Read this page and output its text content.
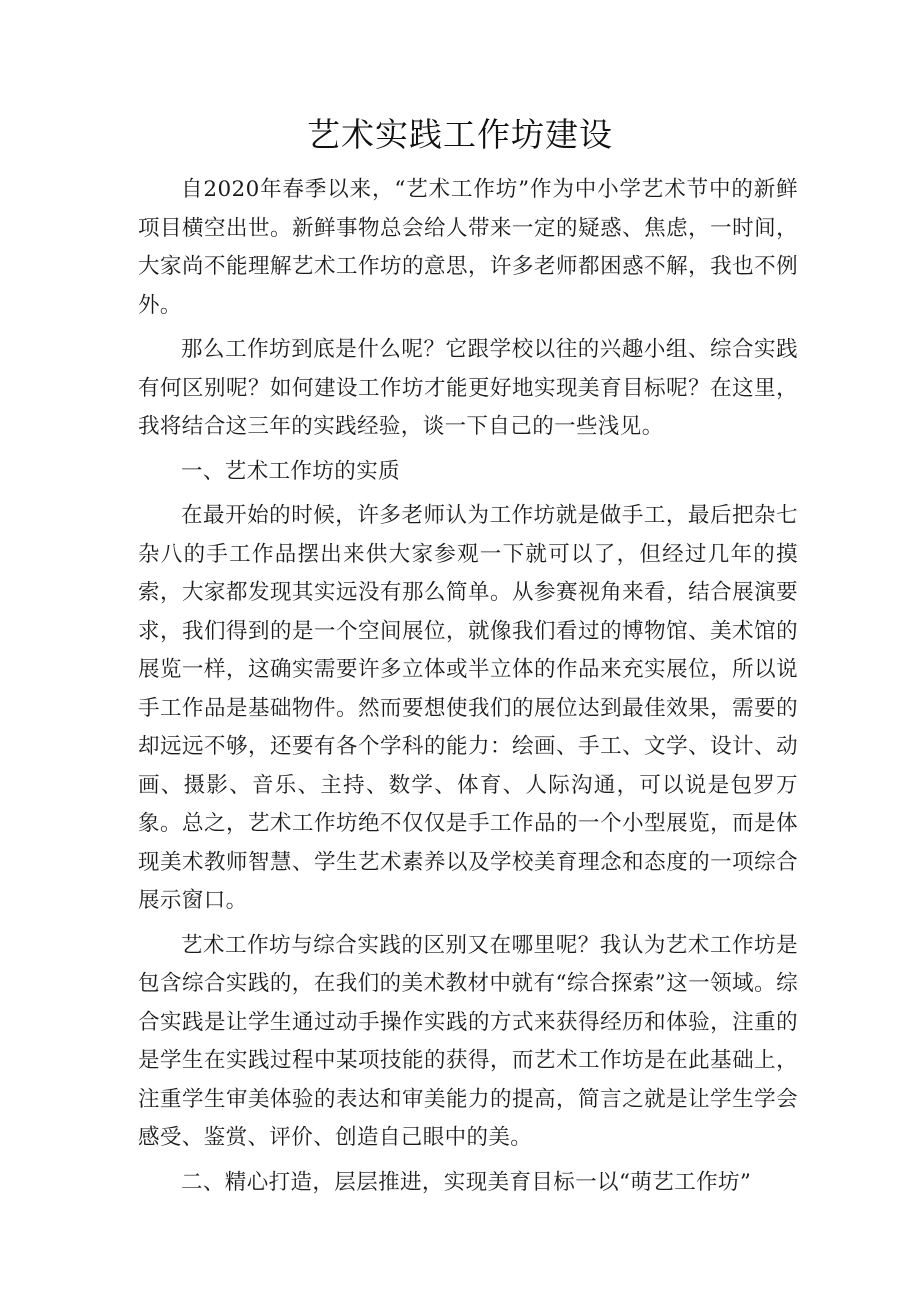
艺术实践工作坊建设

自2020年春季以来，“艺术工作坊”作为中小学艺术节中的新鲜项目横空出世。新鲜事物总会给人带来一定的疑惑、焦虑，一时间，大家尚不能理解艺术工作坊的意思，许多老师都困惑不解，我也不例外。

那么工作坊到底是什么呢？它跟学校以往的兴趣小组、综合实践有何区别呢？如何建设工作坊才能更好地实现美育目标呢？在这里，我将结合这三年的实践经验，谈一下自己的一些浅见。

一、艺术工作坊的实质

在最开始的时候，许多老师认为工作坊就是做手工，最后把杂七杂八的手工作品摆出来供大家参观一下就可以了，但经过几年的摸索，大家都发现其实远没有那么简单。从参赛视角来看，结合展演要求，我们得到的是一个空间展位，就像我们看过的博物馆、美术馆的展览一样，这确实需要许多立体或半立体的作品来充实展位，所以说手工作品是基础物件。然而要想使我们的展位达到最佳效果，需要的却远远不够，还要有各个学科的能力：绘画、手工、文学、设计、动画、摄影、音乐、主持、数学、体育、人际沟通，可以说是包罗万象。总之，艺术工作坊绝不仅仅是手工作品的一个小型展览，而是体现美术教师智慧、学生艺术素养以及学校美育理念和态度的一项综合展示窗口。

艺术工作坊与综合实践的区别又在哪里呢？我认为艺术工作坊是包含综合实践的，在我们的美术教材中就有“综合探索”这一领域。综合实践是让学生通过动手操作实践的方式来获得经历和体验，注重的是学生在实践过程中某项技能的获得，而艺术工作坊是在此基础上，注重学生审美体验的表达和审美能力的提高，简言之就是让学生学会感受、鉴赏、评价、创造自己眼中的美。

二、精心打造，层层推进，实现美育目标一以“萌艺工作坊”
